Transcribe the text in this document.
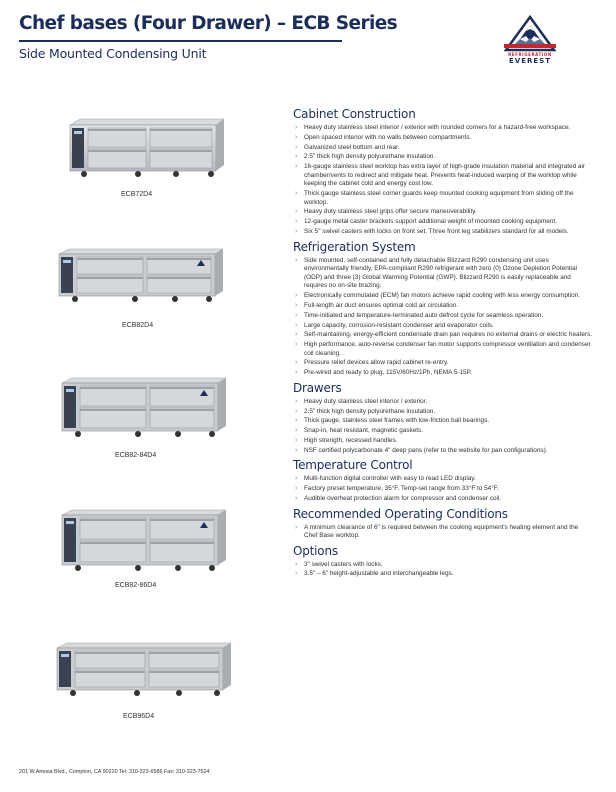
Chef bases (Four Drawer) – ECB Series
Side Mounted Condensing Unit	REFRIGERATION
EVEREST
ECB72D4
ECB82D4
ECB82-84D4
ECB82-86D4
ECB96D4
Cabinet Construction
› Heavy duty stainless steel interior / exterior with rounded corners for a hazard-free workspace.
› Open spaced interior with no walls between compartments.
› Galvanized steel bottom and rear.
› 2.5" thick high density polyurethane insulation.
› 16-gauge stainless steel worktop has extra layer of high-grade insulation material and integrated air chamber/vents to redirect and mitigate heat. Prevents heat-induced warping of the worktop while keeping the cabinet cold and energy cost low.
› Thick gauge stainless steel corner guards keep mounted cooking equipment from sliding off the worktop.
› Heavy duty stainless steel grips offer secure maneuverability.
› 12-gauge metal caster brackets support additional weight of mounted cooking equipment.
› Six 5" swivel casters with locks on front set. Three front leg stabilizers standard for all models.
Refrigeration System
› Side mounted, self-contained and fully detachable Blizzard R290 condensing unit uses environmentally friendly, EPA-compliant R290 refrigerant with zero (0) Ozone Depletion Potential (ODP) and three (3) Global Warming Potential (GWP). Blizzard R290 is easily replaceable and requires no on-site brazing.
› Electronically commutated (ECM) fan motors achieve rapid cooling with less energy consumption.
› Full-length air duct ensures optimal cold air circulation.
› Time-initiated and temperature-terminated auto defrost cycle for seamless operation.
› Large capacity, corrosion-resistant condenser and evaporator coils.
› Self-maintaining, energy-efficient condensate drain pan requires no external drains or electric heaters.
› High performance, auto-reverse condenser fan motor supports compressor ventilation and condenser coil cleaning.
› Pressure relief devices allow rapid cabinet re-entry.
› Pre-wired and ready to plug, 115V/60Hz/1Ph, NEMA 5-15P.
Drawers
› Heavy duty stainless steel interior / exterior.
› 2.5" thick high density polyurethane insulation.
› Thick gauge, stainless steel frames with low-friction ball bearings.
› Snap-in, heat resistant, magnetic gaskets.
› High strength, recessed handles.
› NSF certified polycarbonate 4" deep pans (refer to the website for pan configurations).
Temperature Control
› Multi-function digital controller with easy to read LED display.
› Factory preset temperature, 35°F. Temp-set range from 33°F to 54°F.
› Audible overheat protection alarm for compressor and condenser coil.
Recommended Operating Conditions
› A minimum clearance of 6" is required between the cooking equipment's heating element and the Chef Base worktop.
Options
› 3" swivel casters with locks.
› 3.5" – 6" height-adjustable and interchangeable legs.
201 W.Artesia Blvd., Compton, CA 90220 Tel: 310-323-6586 Fax: 310-323-7524
